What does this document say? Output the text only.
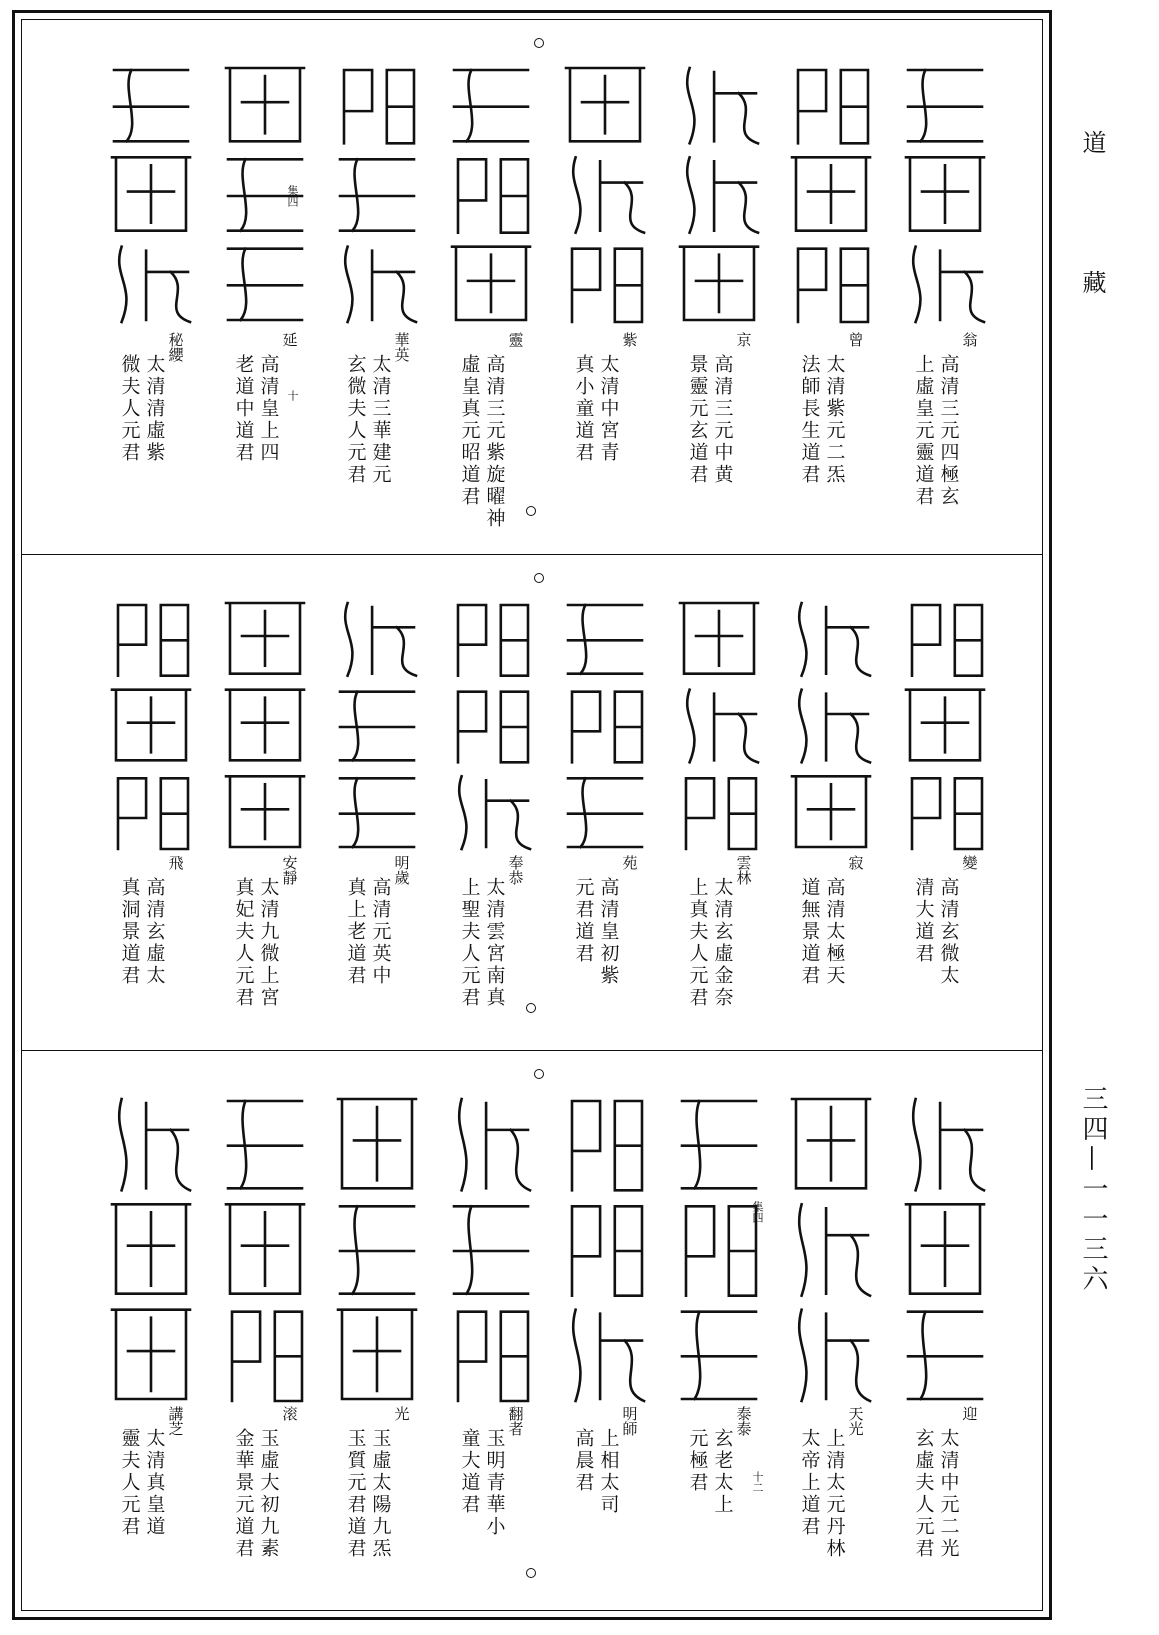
翁
高清三元四極玄
上虛皇元靈道君
曾
太清紫元二炁
法師長生道君
京
高清三元中黄
景靈元玄道君
紫
太清中宮青
真小童道君
靈
高清三元紫旋曜神
虛皇真元昭道君
華英
太清三華建元
玄微夫人元君
延
高清皇上四
老道中道君
秘纓
太清清虛紫
微夫人元君
集四
十
變
高清玄微太
清大道君
寂
高清太極天
道無景道君
雲林
太清玄虛金奈
上真夫人元君
苑
高清皇初紫
元君道君
奉恭
太清雲宮南真
上聖夫人元君
明歲
高清元英中
真上老道君
安靜
太清九微上宮
真妃夫人元君
飛
高清玄虛太
真洞景道君
迎
太清中元二光
玄虛夫人元君
天光
上清太元丹林
太帝上道君
泰泰
玄老太上
元極君
明師
上相太司
高晨君
翻者
玉明青華小
童大道君
光
玉虛太陽九炁
玉質元君道君
滚
玉虛大初九素
金華景元道君
講芝
太清真皇道
靈夫人元君
集四
十二
道
藏
三四—一一三六
